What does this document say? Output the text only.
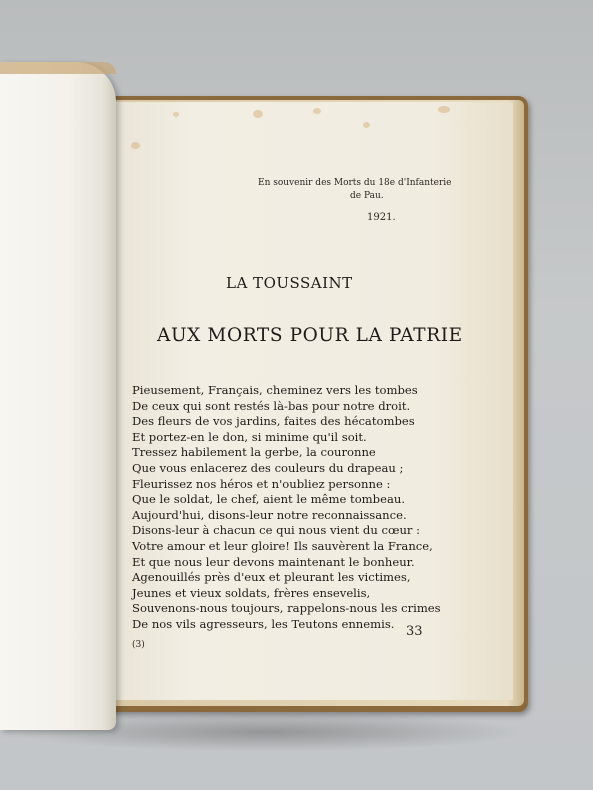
En souvenir des Morts du 18e d'Infanterie
de Pau.
1921.
LA TOUSSAINT
AUX MORTS POUR LA PATRIE
Pieusement, Français, cheminez vers les tombes
De ceux qui sont restés là-bas pour notre droit.
Des fleurs de vos jardins, faites des hécatombes
Et portez-en le don, si minime qu'il soit.
Tressez habilement la gerbe, la couronne
Que vous enlacerez des couleurs du drapeau ;
Fleurissez nos héros et n'oubliez personne :
Que le soldat, le chef, aient le même tombeau.
Aujourd'hui, disons-leur notre reconnaissance.
Disons-leur à chacun ce qui nous vient du cœur :
Votre amour et leur gloire! Ils sauvèrent la France,
Et que nous leur devons maintenant le bonheur.
Agenouillés près d'eux et pleurant les victimes,
Jeunes et vieux soldats, frères ensevelis,
Souvenons-nous toujours, rappelons-nous les crimes
De nos vils agresseurs, les Teutons ennemis.
(3)
33
